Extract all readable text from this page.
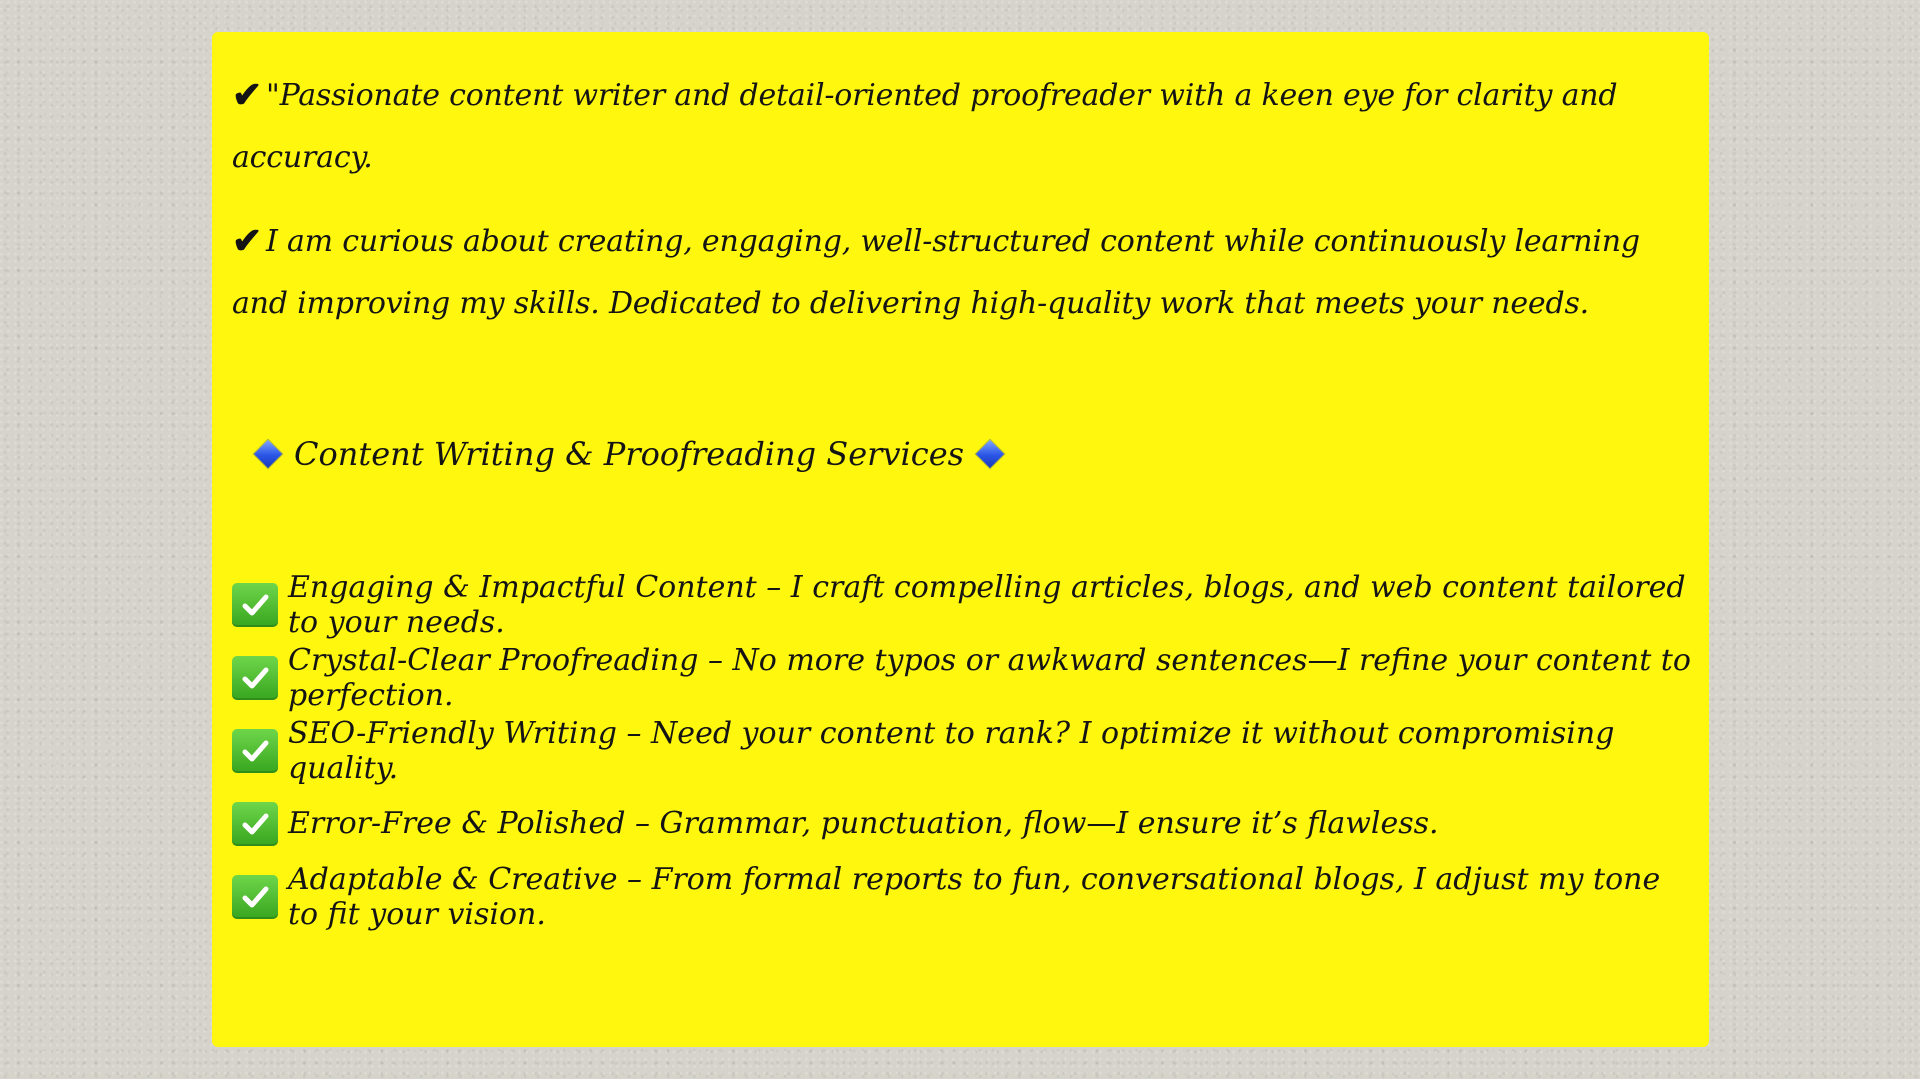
✔ "Passionate content writer and detail-oriented proofreader with a keen eye for clarity and accuracy.
✔ I am curious about creating, engaging, well-structured content while continuously learning and improving my skills. Dedicated to delivering high-quality work that meets your needs.
Content Writing & Proofreading Services
Engaging & Impactful Content – I craft compelling articles, blogs, and web content tailored to your needs.
Crystal-Clear Proofreading – No more typos or awkward sentences—I refine your content to perfection.
SEO-Friendly Writing – Need your content to rank? I optimize it without compromising quality.
Error-Free & Polished – Grammar, punctuation, flow—I ensure it’s flawless.
Adaptable & Creative – From formal reports to fun, conversational blogs, I adjust my tone to fit your vision.
